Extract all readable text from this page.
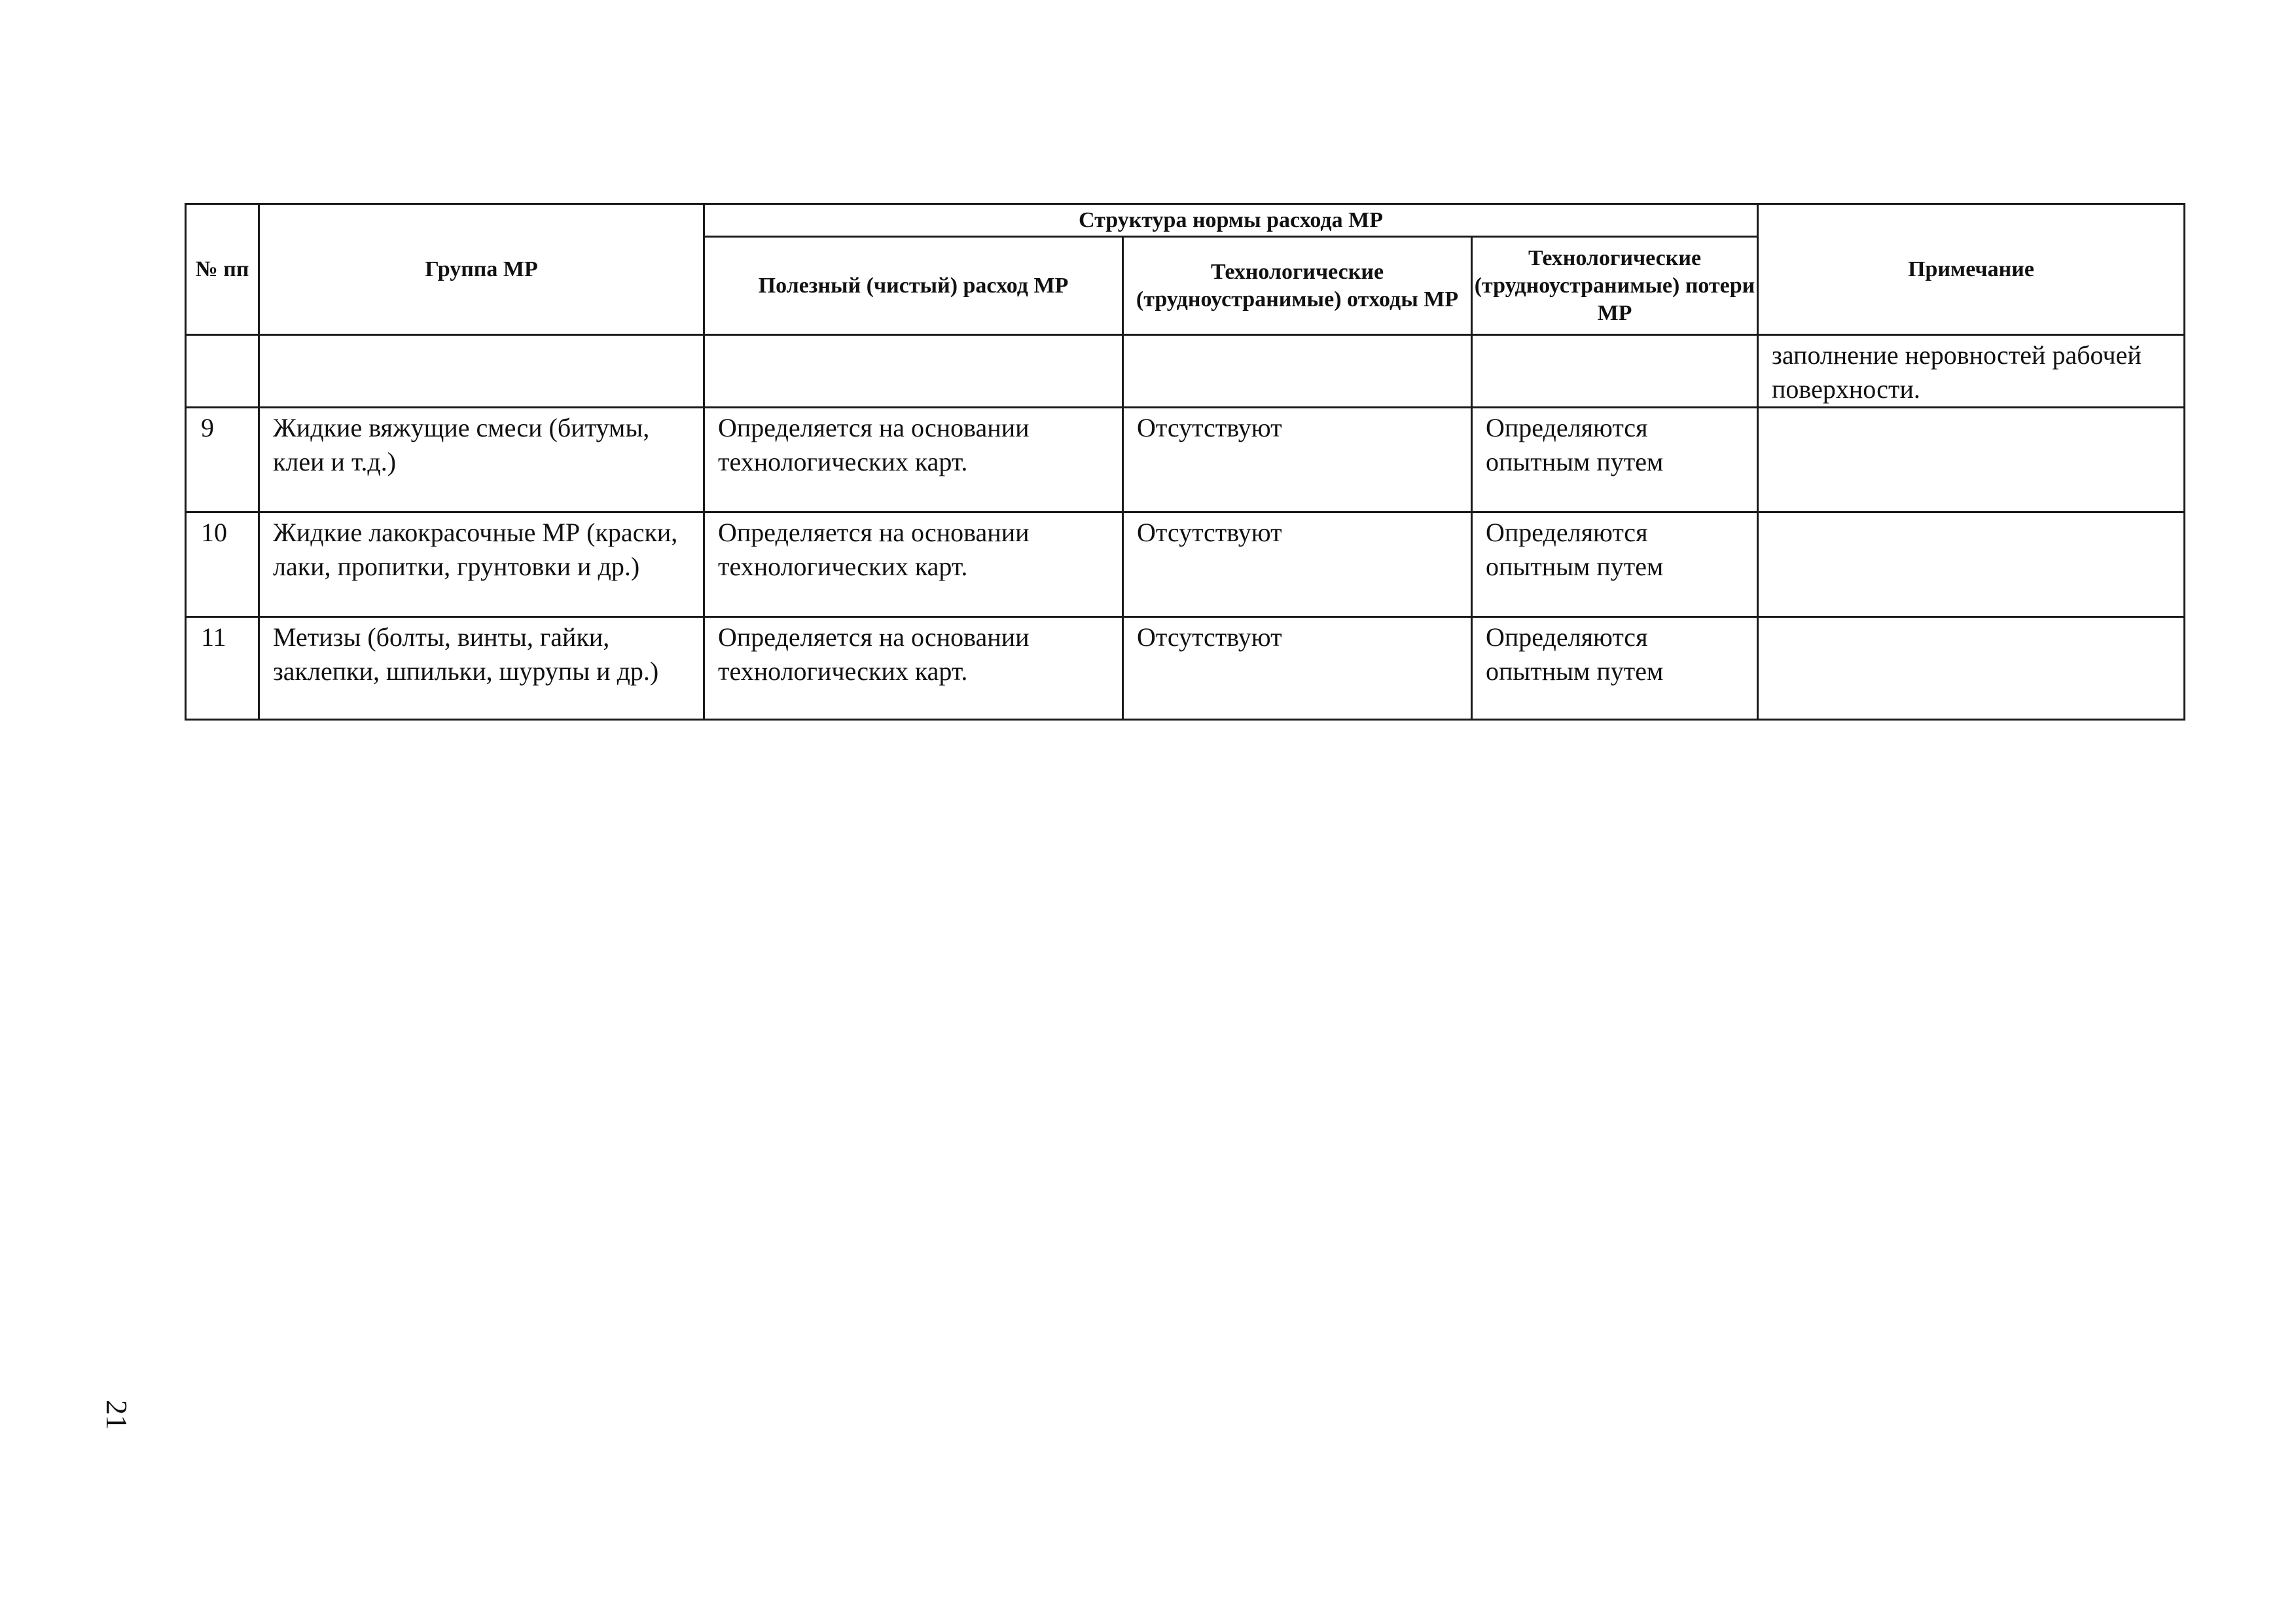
№ пп	Группа МР	Структура нормы расхода МР			Примечание
		Полезный (чистый) расход МР	Технологические (трудноустранимые) отходы МР	Технологические (трудноустранимые) потери МР	
					заполнение неровностей рабочей поверхности.
9	Жидкие вяжущие смеси (битумы, клеи и т.д.)	Определяется на основании технологических карт.	Отсутствуют	Определяются опытным путем	
10	Жидкие лакокрасочные МР (краски, лаки, пропитки, грунтовки и др.)	Определяется на основании технологических карт.	Отсутствуют	Определяются опытным путем	
11	Метизы (болты, винты, гайки, заклепки, шпильки, шурупы и др.)	Определяется на основании технологических карт.	Отсутствуют	Определяются опытным путем	
21
